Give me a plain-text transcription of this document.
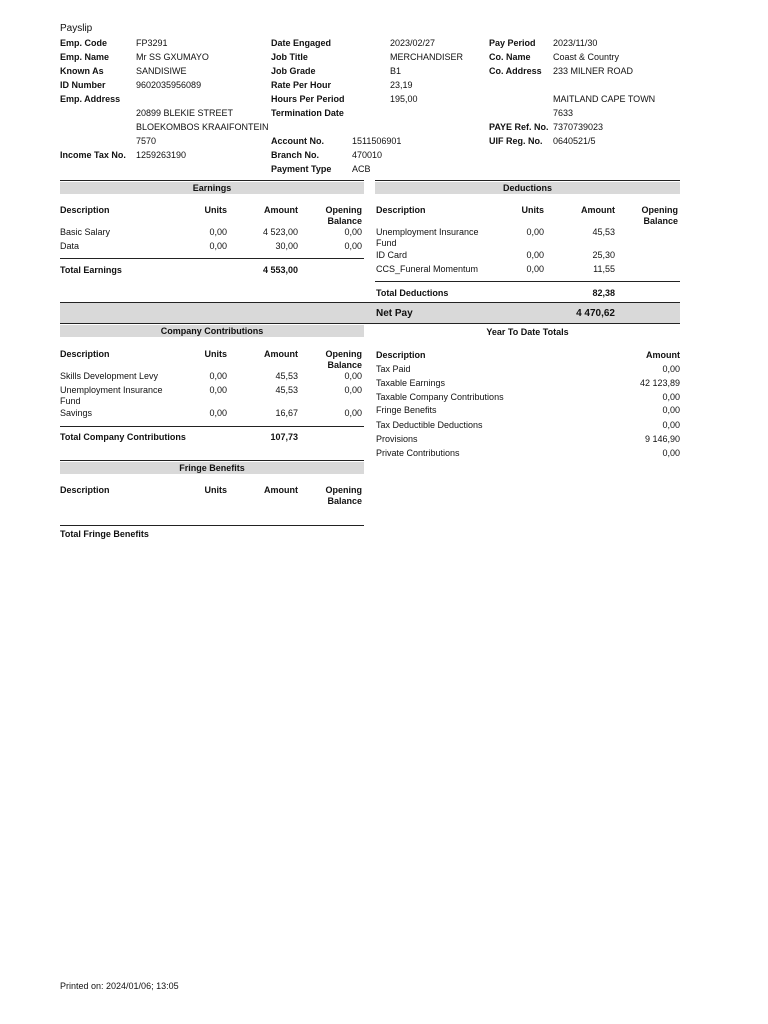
Payslip
Emp. Code	FP3291
Emp. Name	Mr SS GXUMAYO
Known As	SANDISIWE
ID Number	9602035956089
Emp. Address
20899 BLEKIE STREET
BLOEKOMBOS KRAAIFONTEIN
7570
Income Tax No. 1259263190
Date Engaged	2023/02/27
Job Title	MERCHANDISER
Job Grade	B1
Rate Per Hour	23,19
Hours Per Period	195,00
Termination Date
Account No.	1511506901
Branch No.	470010
Payment Type ACB
Pay Period 2023/11/30
Co. Name Coast & Country
Co. Address 233 MILNER ROAD
MAITLAND CAPE TOWN
7633
PAYE Ref. No. 7370739023
UIF Reg. No. 0640521/5
Earnings
Description	Units	Amount	Opening
Balance
Basic Salary	0,00	4 523,00	0,00
Data	0,00	30,00	0,00
Total Earnings	4 553,00
Deductions
Description	Units	Amount	Opening
Balance
Unemployment Insurance
Fund
0,00	45,53
ID Card	0,00	25,30
CCS_Funeral Momentum	0,00	11,55
Total Deductions	82,38
Net Pay	4 470,62
Company Contributions
Description	Units	Amount	Opening
Balance
Skills Development Levy	0,00	45,53	0,00
Unemployment Insurance
Fund
0,00	45,53	0,00
Savings	0,00	16,67	0,00
Total Company Contributions	107,73
Year To Date Totals
Description	Amount
Tax Paid	0,00
Taxable Earnings	42 123,89
Taxable Company Contributions	0,00
Fringe Benefits	0,00
Tax Deductible Deductions	0,00
Provisions	9 146,90
Private Contributions	0,00
Fringe Benefits
Description	Units	Amount	Opening
Balance
Total Fringe Benefits
Printed on: 2024/01/06; 13:05
